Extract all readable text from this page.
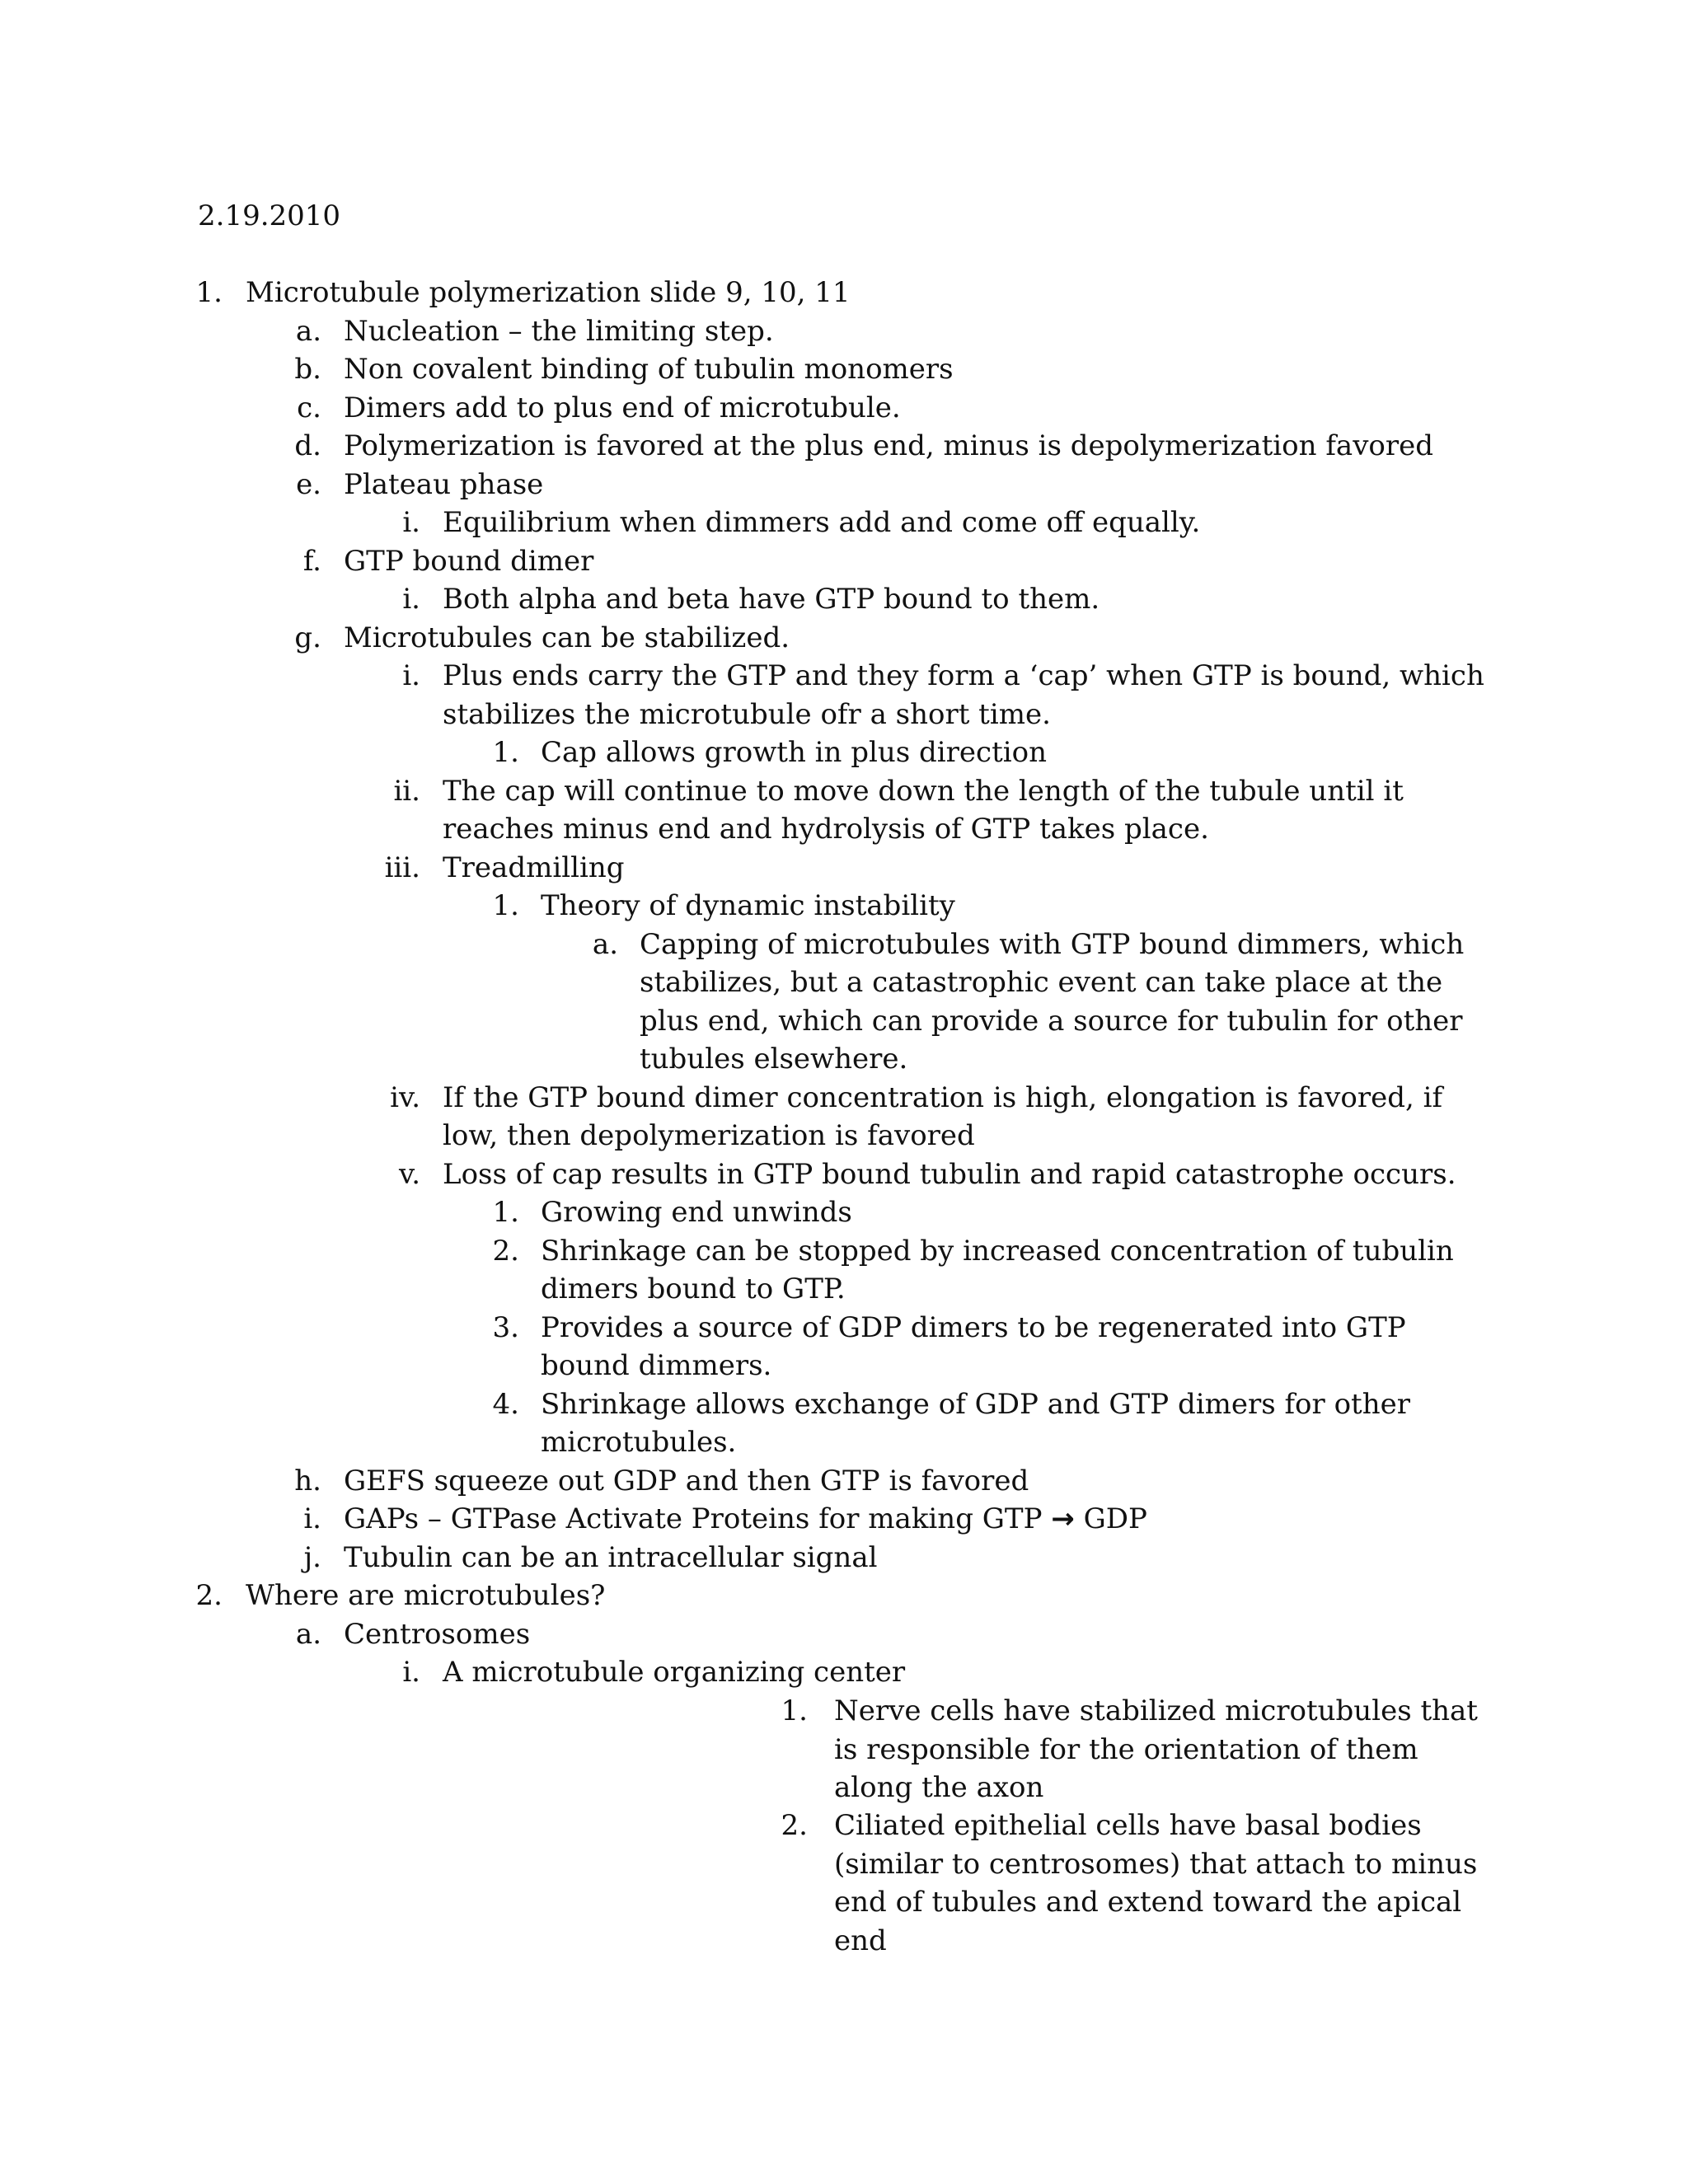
2.19.2010
1. Microtubule polymerization slide 9, 10, 11
a. Nucleation – the limiting step.
b. Non covalent binding of tubulin monomers
c. Dimers add to plus end of microtubule.
d. Polymerization is favored at the plus end, minus is depolymerization favored
e. Plateau phase
i. Equilibrium when dimmers add and come off equally.
f. GTP bound dimer
i. Both alpha and beta have GTP bound to them.
g. Microtubules can be stabilized.
i. Plus ends carry the GTP and they form a ‘cap’ when GTP is bound, which
stabilizes the microtubule ofr a short time.
1. Cap allows growth in plus direction
ii. The cap will continue to move down the length of the tubule until it
reaches minus end and hydrolysis of GTP takes place.
iii. Treadmilling
1. Theory of dynamic instability
a. Capping of microtubules with GTP bound dimmers, which
stabilizes, but a catastrophic event can take place at the
plus end, which can provide a source for tubulin for other
tubules elsewhere.
iv. If the GTP bound dimer concentration is high, elongation is favored, if
low, then depolymerization is favored
v. Loss of cap results in GTP bound tubulin and rapid catastrophe occurs.
1. Growing end unwinds
2. Shrinkage can be stopped by increased concentration of tubulin
dimers bound to GTP.
3. Provides a source of GDP dimers to be regenerated into GTP
bound dimmers.
4. Shrinkage allows exchange of GDP and GTP dimers for other
microtubules.
h. GEFS squeeze out GDP and then GTP is favored
i. GAPs – GTPase Activate Proteins for making GTP → GDP
j. Tubulin can be an intracellular signal
2. Where are microtubules?
a. Centrosomes
i. A microtubule organizing center
1. Nerve cells have stabilized microtubules that is responsible for the orientation of them along the axon
2. Ciliated epithelial cells have basal bodies (similar to centrosomes) that attach to minus end of tubules and extend toward the apical end
